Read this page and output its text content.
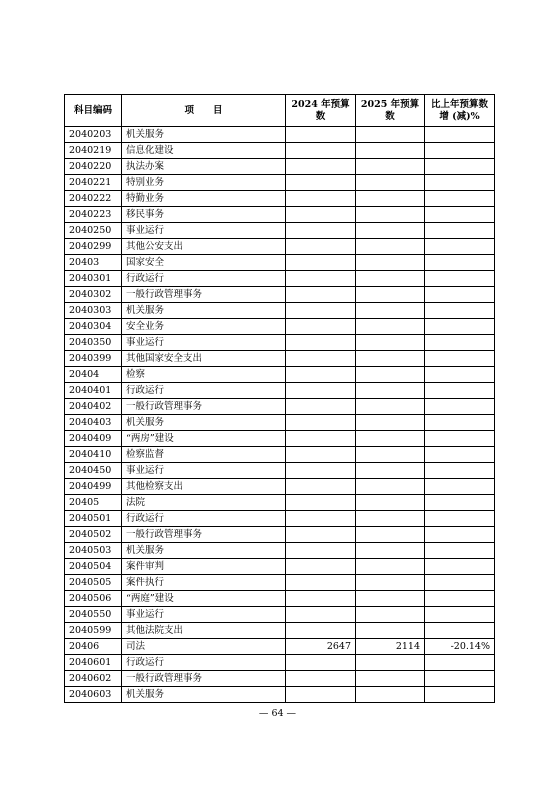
科目编码	项　　目	2024 年预算数	2025 年预算数	比上年预算数增 (减)%
2040203	机关服务			
2040219	信息化建设			
2040220	执法办案			
2040221	特别业务			
2040222	特勤业务			
2040223	移民事务			
2040250	事业运行			
2040299	其他公安支出			
20403	国家安全			
2040301	行政运行			
2040302	一般行政管理事务			
2040303	机关服务			
2040304	安全业务			
2040350	事业运行			
2040399	其他国家安全支出			
20404	检察			
2040401	行政运行			
2040402	一般行政管理事务			
2040403	机关服务			
2040409	“两房”建设			
2040410	检察监督			
2040450	事业运行			
2040499	其他检察支出			
20405	法院			
2040501	行政运行			
2040502	一般行政管理事务			
2040503	机关服务			
2040504	案件审判			
2040505	案件执行			
2040506	“两庭”建设			
2040550	事业运行			
2040599	其他法院支出			
20406	司法	2647	2114	-20.14%
2040601	行政运行			
2040602	一般行政管理事务			
2040603	机关服务			
— 64 —
